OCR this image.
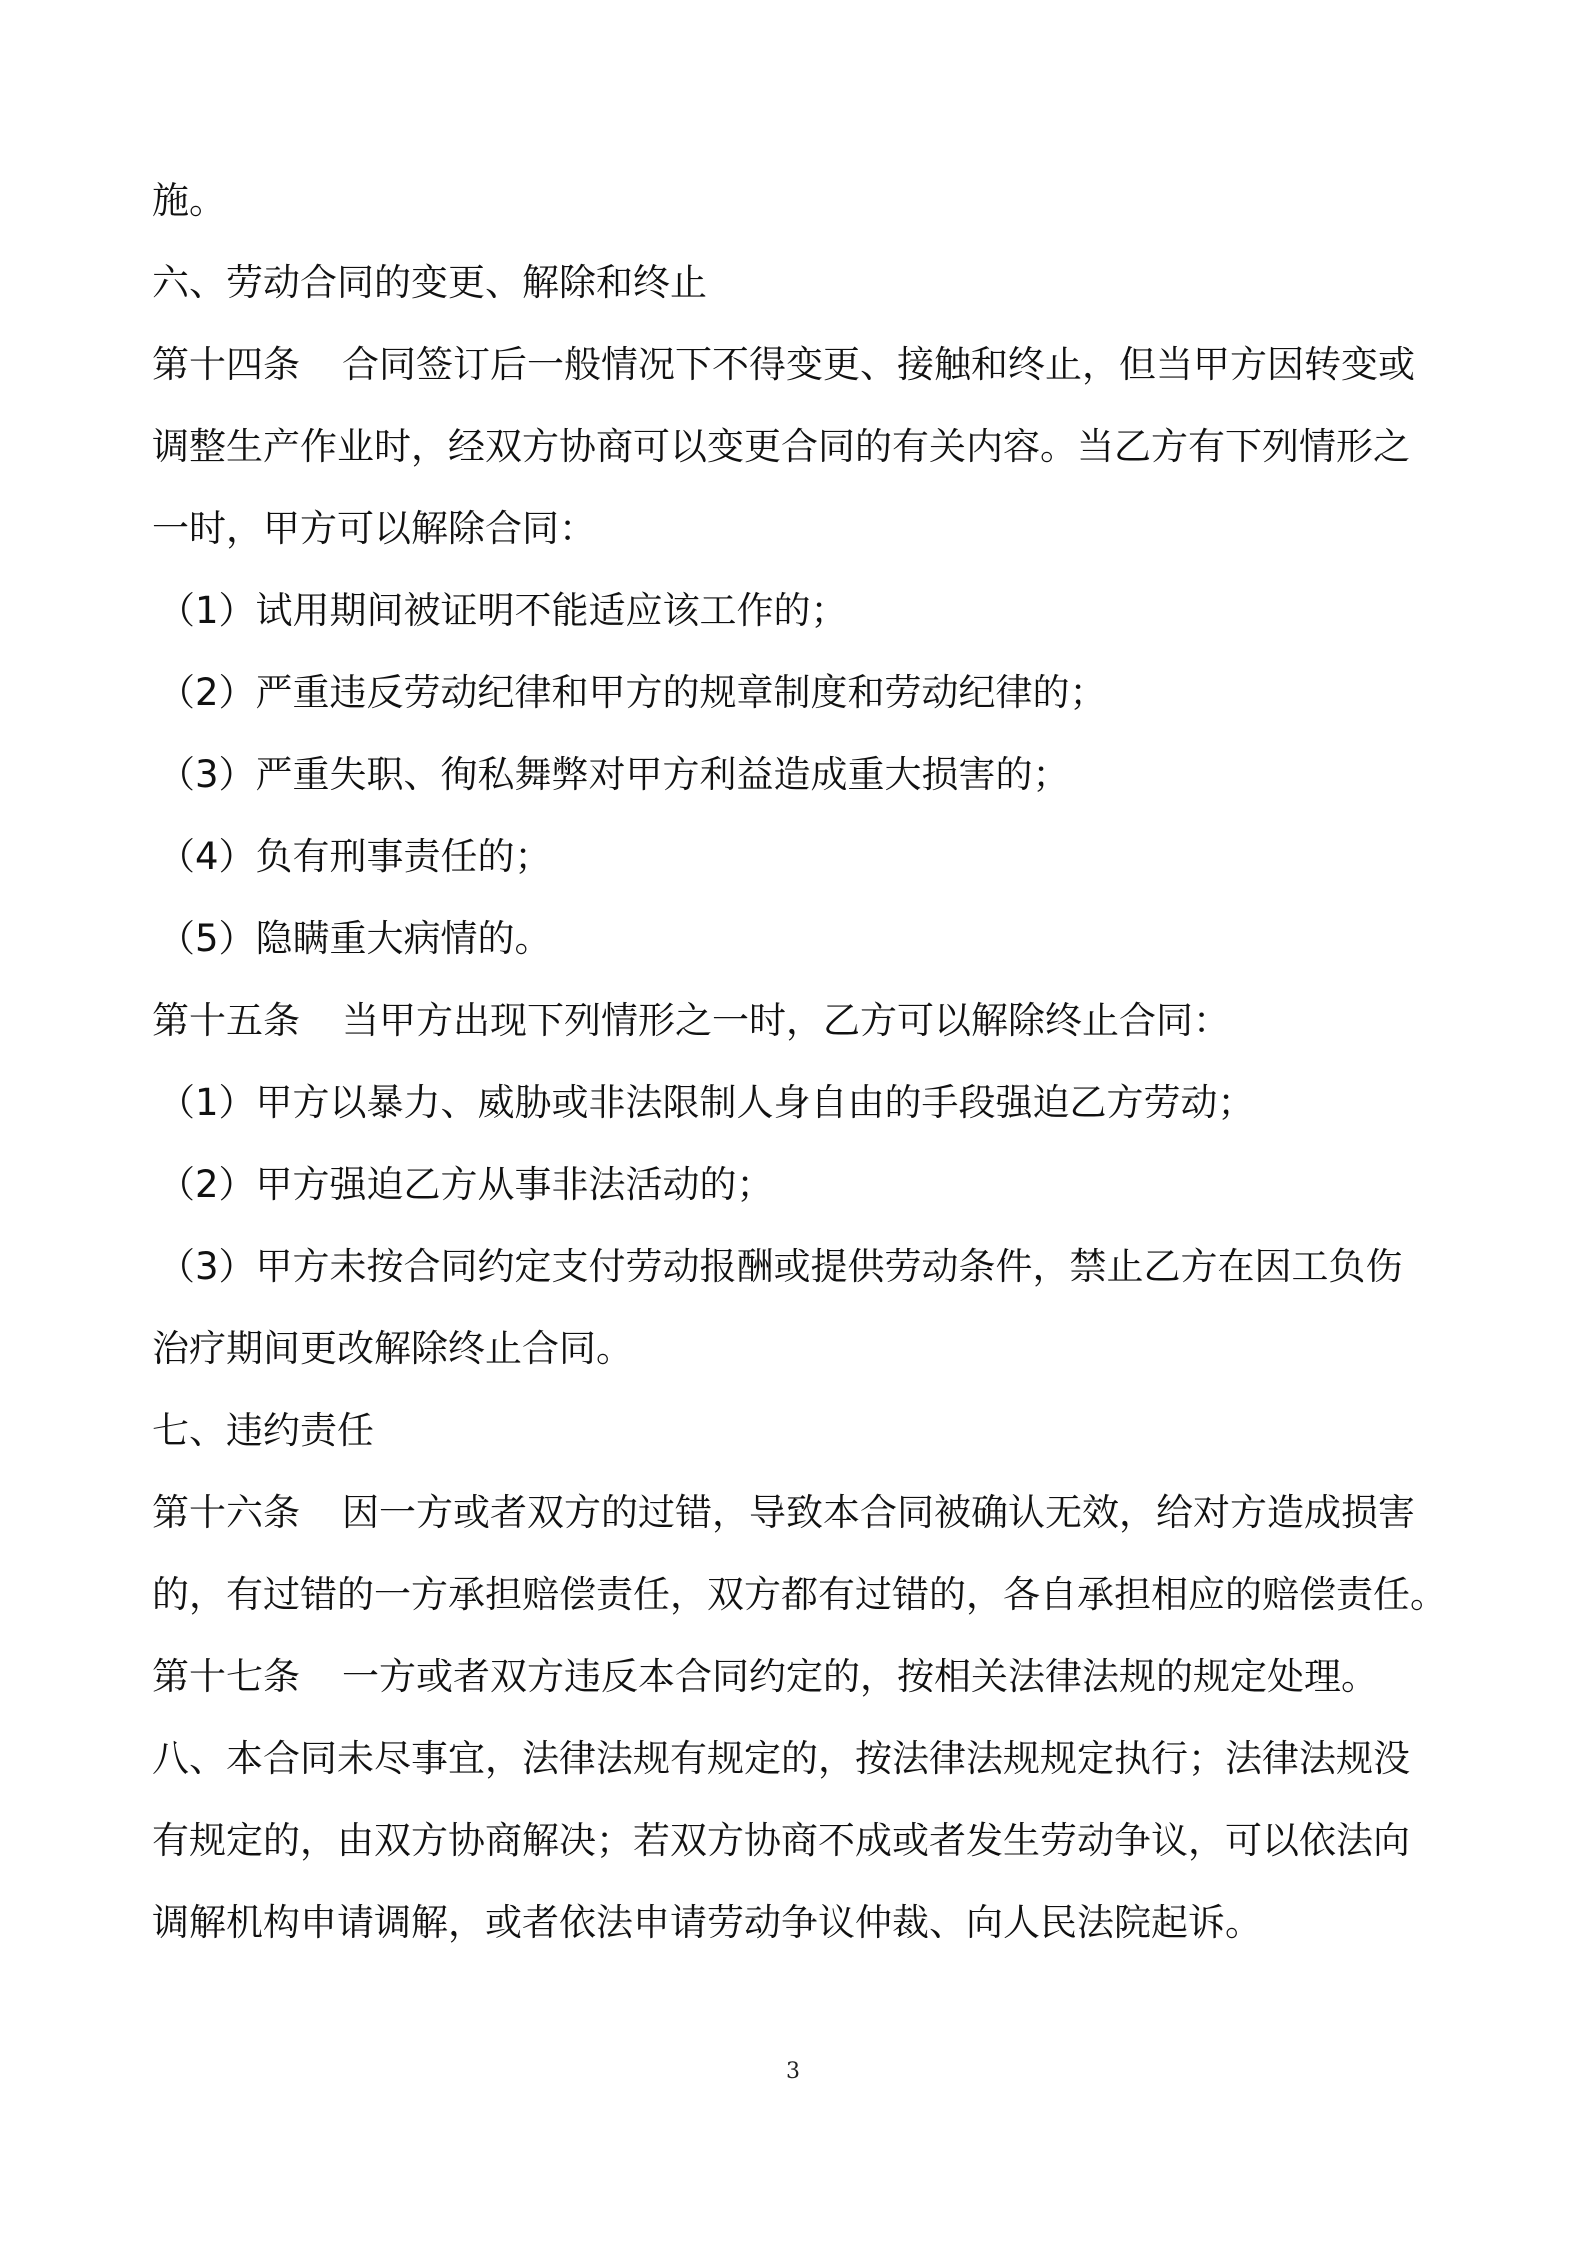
施。
六、劳动合同的变更、解除和终止
第十四条 合同签订后一般情况下不得变更、接触和终止，但当甲方因转变或
调整生产作业时，经双方协商可以变更合同的有关内容。当乙方有下列情形之
一时，甲方可以解除合同：
（1）试用期间被证明不能适应该工作的；
（2）严重违反劳动纪律和甲方的规章制度和劳动纪律的；
（3）严重失职、徇私舞弊对甲方利益造成重大损害的；
（4）负有刑事责任的；
（5）隐瞒重大病情的。
第十五条 当甲方出现下列情形之一时，乙方可以解除终止合同：
（1）甲方以暴力、威胁或非法限制人身自由的手段强迫乙方劳动；
（2）甲方强迫乙方从事非法活动的；
（3）甲方未按合同约定支付劳动报酬或提供劳动条件，禁止乙方在因工负伤
治疗期间更改解除终止合同。
七、违约责任
第十六条 因一方或者双方的过错，导致本合同被确认无效，给对方造成损害
的，有过错的一方承担赔偿责任，双方都有过错的，各自承担相应的赔偿责任。
第十七条 一方或者双方违反本合同约定的，按相关法律法规的规定处理。
八、本合同未尽事宜，法律法规有规定的，按法律法规规定执行；法律法规没
有规定的，由双方协商解决；若双方协商不成或者发生劳动争议，可以依法向
调解机构申请调解，或者依法申请劳动争议仲裁、向人民法院起诉。
3
